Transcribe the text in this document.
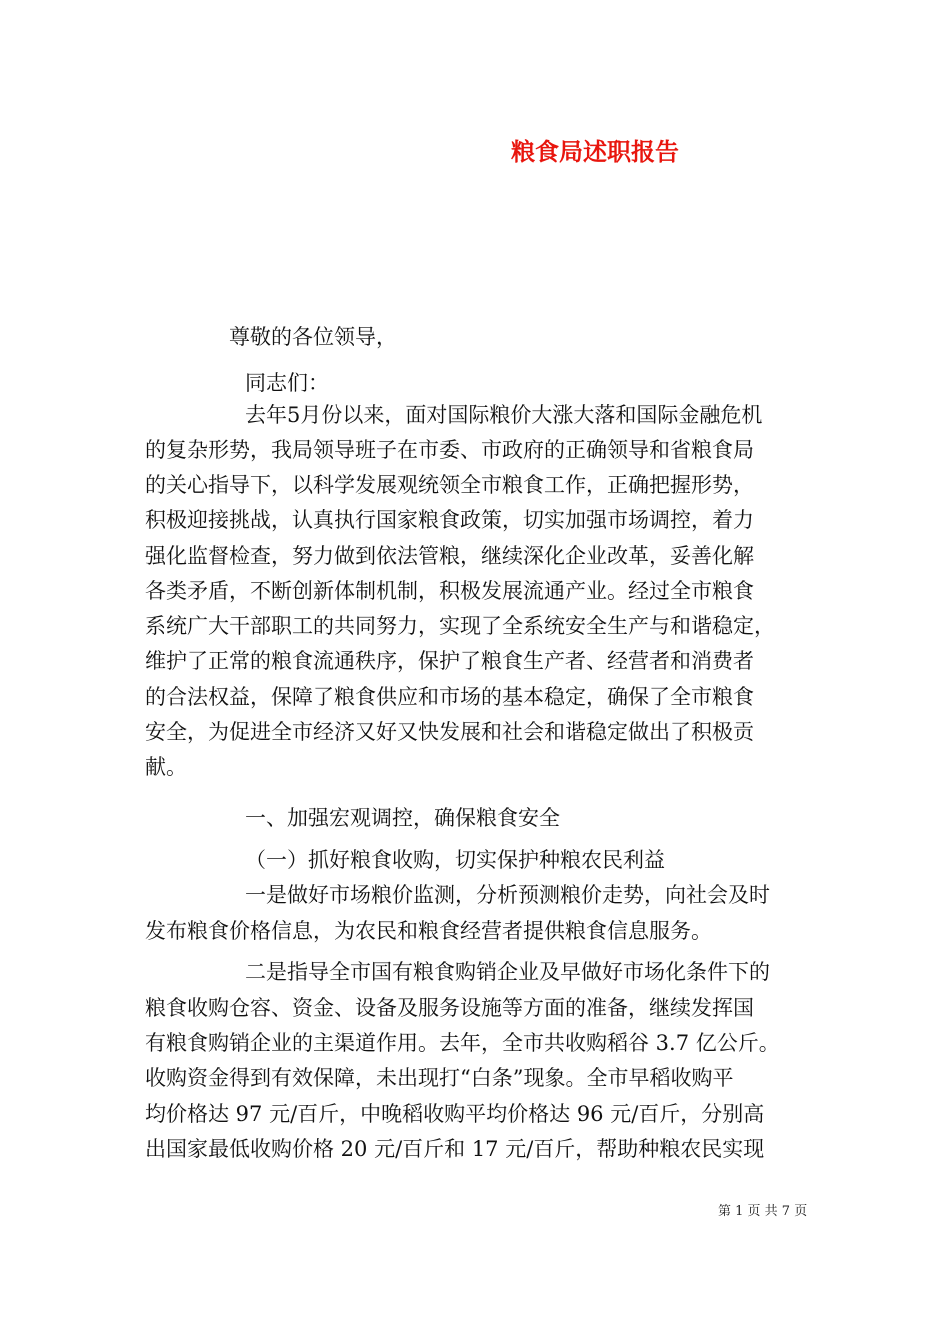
粮食局述职报告

尊敬的各位领导，

同志们：

去年5月份以来，面对国际粮价大涨大落和国际金融危机

的复杂形势，我局领导班子在市委、市政府的正确领导和省粮食局

的关心指导下，以科学发展观统领全市粮食工作，正确把握形势，

积极迎接挑战，认真执行国家粮食政策，切实加强市场调控，着力

强化监督检查，努力做到依法管粮，继续深化企业改革，妥善化解

各类矛盾，不断创新体制机制，积极发展流通产业。经过全市粮食

系统广大干部职工的共同努力，实现了全系统安全生产与和谐稳定，

维护了正常的粮食流通秩序，保护了粮食生产者、经营者和消费者

的合法权益，保障了粮食供应和市场的基本稳定，确保了全市粮食

安全，为促进全市经济又好又快发展和社会和谐稳定做出了积极贡

献。

一、加强宏观调控，确保粮食安全

（一）抓好粮食收购，切实保护种粮农民利益

一是做好市场粮价监测，分析预测粮价走势，向社会及时

发布粮食价格信息，为农民和粮食经营者提供粮食信息服务。

二是指导全市国有粮食购销企业及早做好市场化条件下的

粮食收购仓容、资金、设备及服务设施等方面的准备，继续发挥国

有粮食购销企业的主渠道作用。去年，全市共收购稻谷 3.7 亿公斤。

收购资金得到有效保障，未出现打“白条”现象。全市早稻收购平

均价格达 97 元/百斤，中晚稻收购平均价格达 96 元/百斤，分别高

出国家最低收购价格 20 元/百斤和 17 元/百斤，帮助种粮农民实现

第 1 页 共 7 页
